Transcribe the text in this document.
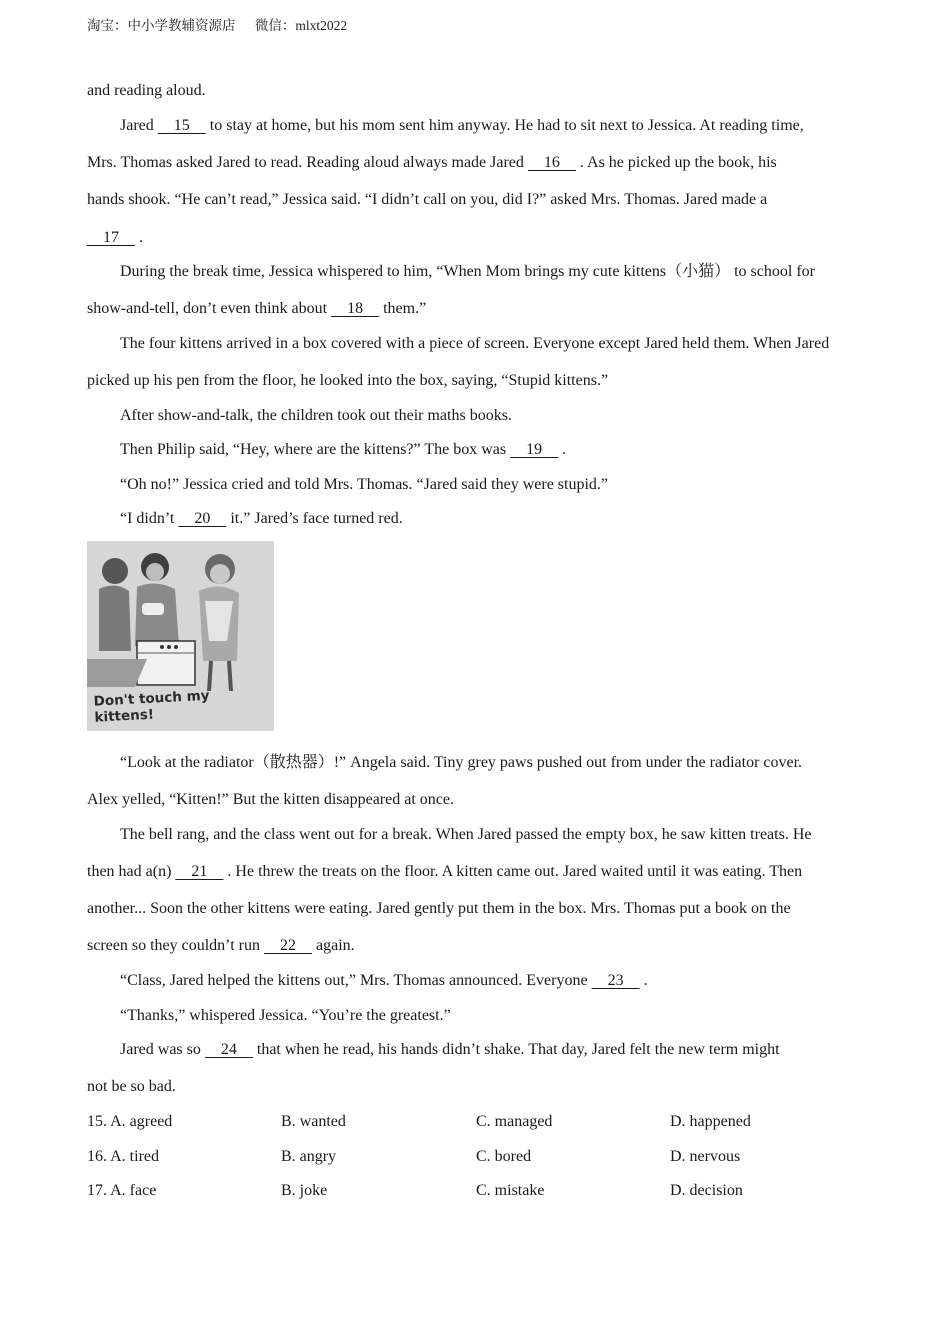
淘宝：中小学教辅资源店 微信：mlxt2022
and reading aloud.
Jared     15     to stay at home, but his mom sent him anyway. He had to sit next to Jessica. At reading time,
Mrs. Thomas asked Jared to read. Reading aloud always made Jared     16     . As he picked up the book, his
hands shook. “He can’t read,” Jessica said. “I didn’t call on you, did I?” asked Mrs. Thomas. Jared made a
17     .
During the break time, Jessica whispered to him, “When Mom brings my cute kittens（小猫） to school for
show-and-tell, don’t even think about     18     them.”
The four kittens arrived in a box covered with a piece of screen. Everyone except Jared held them. When Jared
picked up his pen from the floor, he looked into the box, saying, “Stupid kittens.”
After show-and-talk, the children took out their maths books.
Then Philip said, “Hey, where are the kittens?” The box was     19     .
“Oh no!” Jessica cried and told Mrs. Thomas. “Jared said they were stupid.”
“I didn’t     20     it.” Jared’s face turned red.
Don't touch my kittens!
“Look at the radiator（散热器）!” Angela said. Tiny grey paws pushed out from under the radiator cover.
Alex yelled, “Kitten!” But the kitten disappeared at once.
The bell rang, and the class went out for a break. When Jared passed the empty box, he saw kitten treats. He
then had a(n)     21     . He threw the treats on the floor. A kitten came out. Jared waited until it was eating. Then
another... Soon the other kittens were eating. Jared gently put them in the box. Mrs. Thomas put a book on the
screen so they couldn’t run     22     again.
“Class, Jared helped the kittens out,” Mrs. Thomas announced. Everyone     23     .
“Thanks,” whispered Jessica. “You’re the greatest.”
Jared was so     24     that when he read, his hands didn’t shake. That day, Jared felt the new term might
not be so bad.
15. A. agreed	B. wanted	C. managed	D. happened
16. A. tired	B. angry	C. bored	D. nervous
17. A. face	B. joke	C. mistake	D. decision
